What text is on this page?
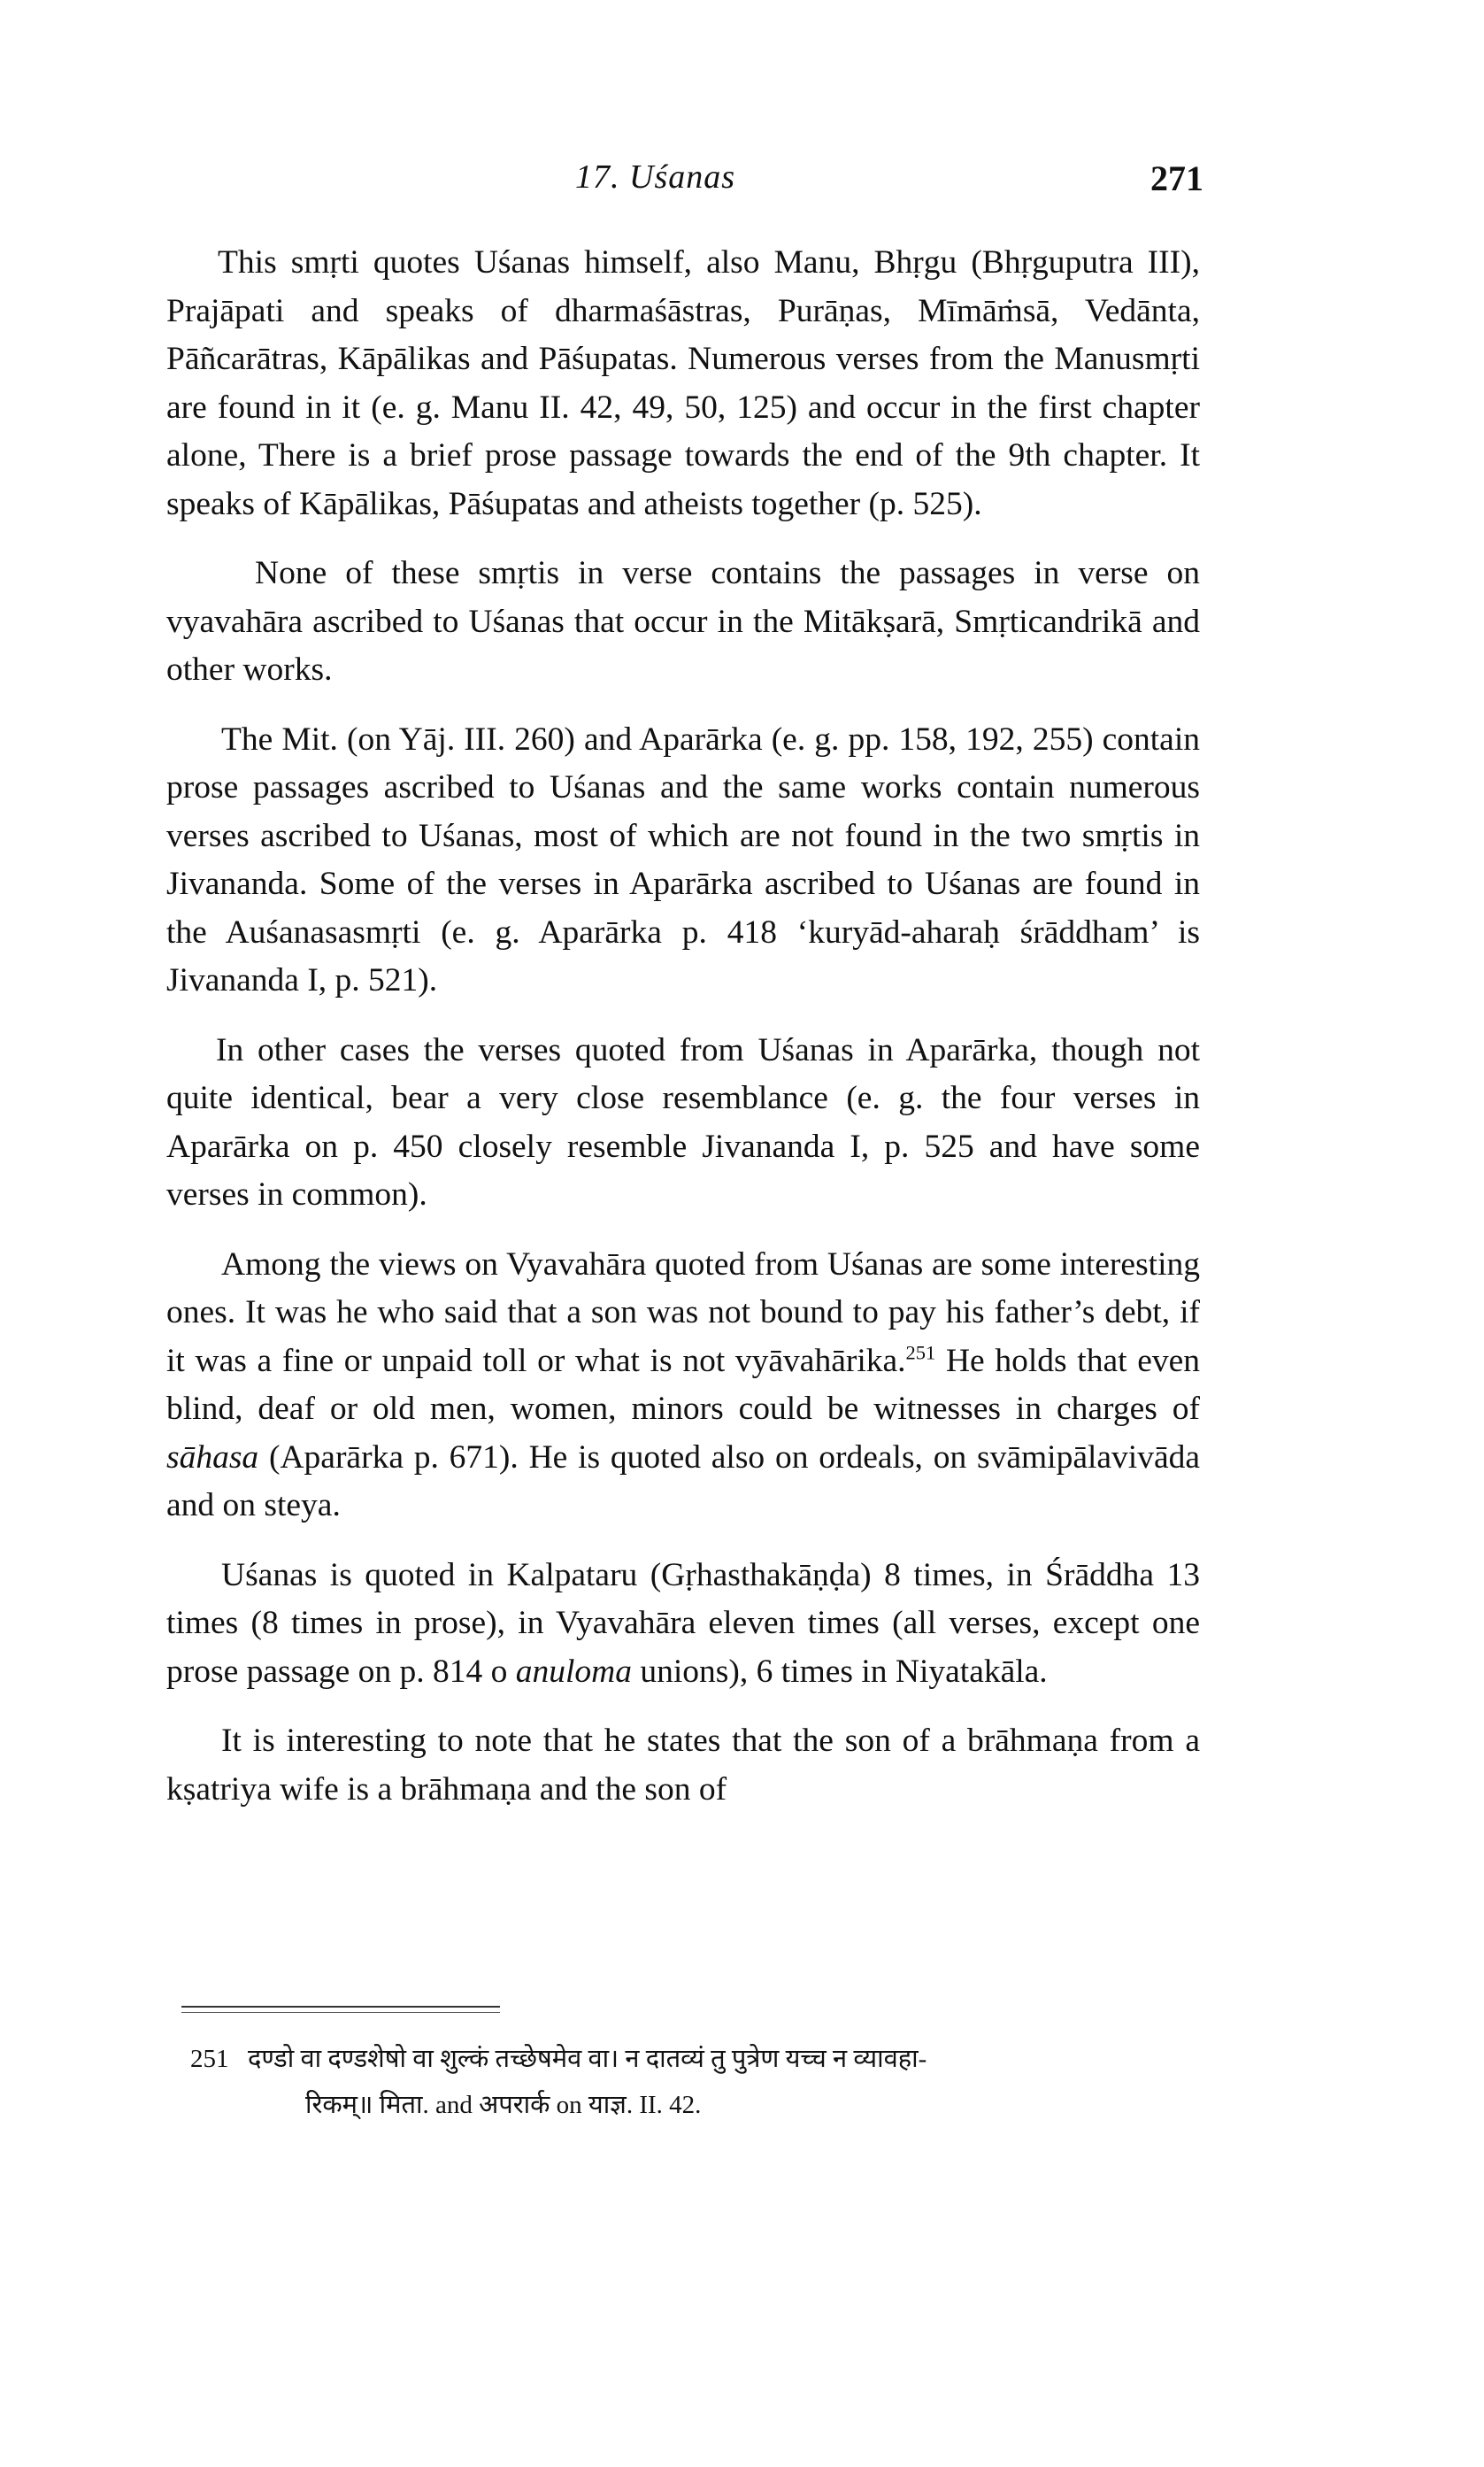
17. Uśanas	271

This smṛti quotes Uśanas himself, also Manu, Bhṛgu (Bhṛguputra III), Prajāpati and speaks of dharmaśāstras, Purāṇas, Mīmāṁsā, Vedānta, Pāñcarātras, Kāpālikas and Pāśupatas. Numerous verses from the Manusmṛti are found in it (e. g. Manu II. 42, 49, 50, 125) and occur in the first chapter alone, There is a brief prose passage towards the end of the 9th chapter. It speaks of Kāpālikas, Pāśupatas and atheists together (p. 525).

None of these smṛtis in verse contains the passages in verse on vyavahāra ascribed to Uśanas that occur in the Mitākṣarā, Smṛticandrikā and other works.

The Mit. (on Yāj. III. 260) and Aparārka (e. g. pp. 158, 192, 255) contain prose passages ascribed to Uśanas and the same works contain numerous verses ascribed to Uśanas, most of which are not found in the two smṛtis in Jivananda. Some of the verses in Aparārka ascribed to Uśanas are found in the Auśanasasmṛti (e. g. Aparārka p. 418 ‘kuryād-aharaḥ śrāddham’ is Jivananda I, p. 521).

In other cases the verses quoted from Uśanas in Aparārka, though not quite identical, bear a very close resemblance (e. g. the four verses in Aparārka on p. 450 closely resemble Jivananda I, p. 525 and have some verses in common).

Among the views on Vyavahāra quoted from Uśanas are some interesting ones. It was he who said that a son was not bound to pay his father’s debt, if it was a fine or unpaid toll or what is not vyāvahārika.$^{251}$ He holds that even blind, deaf or old men, women, minors could be witnesses in charges of sāhasa (Aparārka p. 671). He is quoted also on ordeals, on svāmipālavivāda and on steya.

Uśanas is quoted in Kalpataru (Gṛhasthakāṇḍa) 8 times, in Śrāddha 13 times (8 times in prose), in Vyavahāra eleven times (all verses, except one prose passage on p. 814 o anuloma unions), 6 times in Niyatakāla.

It is interesting to note that he states that the son of a brāhmaṇa from a kṣatriya wife is a brāhmaṇa and the son of

251 दण्डो वा दण्डशेषो वा शुल्कं तच्छेषमेव वा। न दातव्यं तु पुत्रेण यच्च न व्यावहा-
रिकम्॥ मिता. and अपरार्क on याज्ञ. II. 42.
